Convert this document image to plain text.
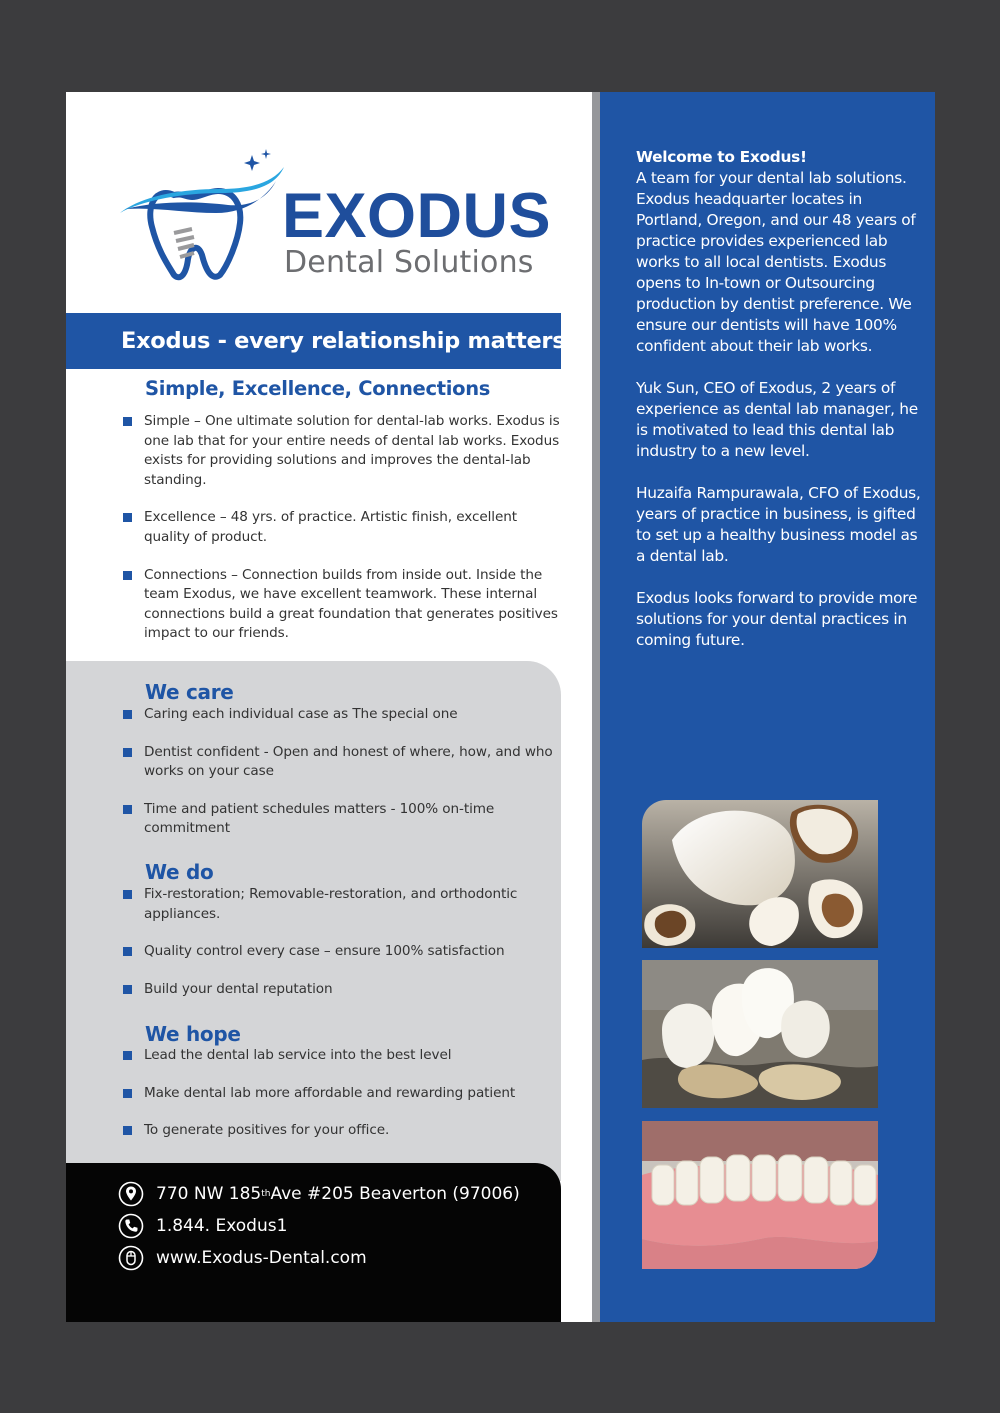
EXODUS
Dental Solutions
Exodus - every relationship matters.
Simple, Excellence, Connections
Simple – One ultimate solution for dental-lab works. Exodus is one lab that for your entire needs of dental lab works. Exodus exists for providing solutions and improves the dental-lab standing.
Excellence – 48 yrs. of practice. Artistic finish, excellent quality of product.
Connections – Connection builds from inside out. Inside the team Exodus, we have excellent teamwork. These internal connections build a great foundation that generates positives impact to our friends.
We care
Caring each individual case as The special one
Dentist confident - Open and honest of where, how, and who works on your case
Time and patient schedules matters - 100% on-time commitment
We do
Fix-restoration; Removable-restoration, and orthodontic appliances.
Quality control every case – ensure 100% satisfaction
Build your dental reputation
We hope
Lead the dental lab service into the best level
Make dental lab more affordable and rewarding patient
To generate positives for your office.
770 NW 185 th Ave #205 Beaverton (97006)
1.844. Exodus1
www.Exodus-Dental.com

Welcome to Exodus!
A team for your dental lab solutions. Exodus headquarter locates in Portland, Oregon, and our 48 years of practice provides experienced lab works to all local dentists. Exodus opens to In-town or Outsourcing production by dentist preference. We ensure our dentists will have 100% confident about their lab works.

Yuk Sun, CEO of Exodus, 2 years of experience as dental lab manager, he is motivated to lead this dental lab industry to a new level.

Huzaifa Rampurawala, CFO of Exodus, years of practice in business, is gifted to set up a healthy business model as a dental lab.

Exodus looks forward to provide more solutions for your dental practices in coming future.
